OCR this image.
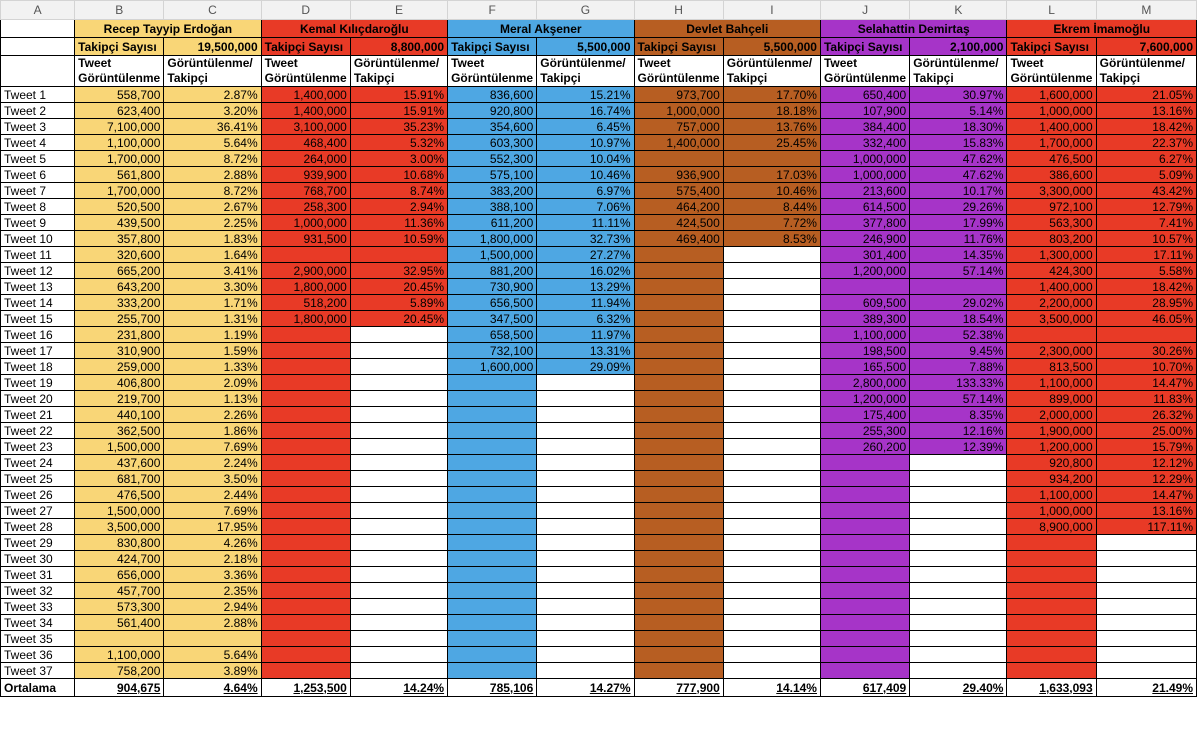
A	B	C	D	E	F	G	H	I	J	K	L	M
	Recep Tayyip Erdoğan		Kemal Kılıçdaroğlu		Meral Akşener		Devlet Bahçeli		Selahattin Demirtaş		Ekrem İmamoğlu	
	Takipçi Sayısı	19,500,000	Takipçi Sayısı	8,800,000	Takipçi Sayısı	5,500,000	Takipçi Sayısı	5,500,000	Takipçi Sayısı	2,100,000	Takipçi Sayısı	7,600,000
	Tweet Görüntülenme	Görüntülenme/ Takipçi	Tweet Görüntülenme	Görüntülenme/ Takipçi	Tweet Görüntülenme	Görüntülenme/ Takipçi	Tweet Görüntülenme	Görüntülenme/ Takipçi	Tweet Görüntülenme	Görüntülenme/ Takipçi	Tweet Görüntülenme	Görüntülenme/ Takipçi
Tweet 1	558,700	2.87%	1,400,000	15.91%	836,600	15.21%	973,700	17.70%	650,400	30.97%	1,600,000	21.05%
Tweet 2	623,400	3.20%	1,400,000	15.91%	920,800	16.74%	1,000,000	18.18%	107,900	5.14%	1,000,000	13.16%
Tweet 3	7,100,000	36.41%	3,100,000	35.23%	354,600	6.45%	757,000	13.76%	384,400	18.30%	1,400,000	18.42%
Tweet 4	1,100,000	5.64%	468,400	5.32%	603,300	10.97%	1,400,000	25.45%	332,400	15.83%	1,700,000	22.37%
Tweet 5	1,700,000	8.72%	264,000	3.00%	552,300	10.04%			1,000,000	47.62%	476,500	6.27%
Tweet 6	561,800	2.88%	939,900	10.68%	575,100	10.46%	936,900	17.03%	1,000,000	47.62%	386,600	5.09%
Tweet 7	1,700,000	8.72%	768,700	8.74%	383,200	6.97%	575,400	10.46%	213,600	10.17%	3,300,000	43.42%
Tweet 8	520,500	2.67%	258,300	2.94%	388,100	7.06%	464,200	8.44%	614,500	29.26%	972,100	12.79%
Tweet 9	439,500	2.25%	1,000,000	11.36%	611,200	11.11%	424,500	7.72%	377,800	17.99%	563,300	7.41%
Tweet 10	357,800	1.83%	931,500	10.59%	1,800,000	32.73%	469,400	8.53%	246,900	11.76%	803,200	10.57%
Tweet 11	320,600	1.64%			1,500,000	27.27%			301,400	14.35%	1,300,000	17.11%
Tweet 12	665,200	3.41%	2,900,000	32.95%	881,200	16.02%			1,200,000	57.14%	424,300	5.58%
Tweet 13	643,200	3.30%	1,800,000	20.45%	730,900	13.29%					1,400,000	18.42%
Tweet 14	333,200	1.71%	518,200	5.89%	656,500	11.94%			609,500	29.02%	2,200,000	28.95%
Tweet 15	255,700	1.31%	1,800,000	20.45%	347,500	6.32%			389,300	18.54%	3,500,000	46.05%
Tweet 16	231,800	1.19%			658,500	11.97%			1,100,000	52.38%		
Tweet 17	310,900	1.59%			732,100	13.31%			198,500	9.45%	2,300,000	30.26%
Tweet 18	259,000	1.33%			1,600,000	29.09%			165,500	7.88%	813,500	10.70%
Tweet 19	406,800	2.09%							2,800,000	133.33%	1,100,000	14.47%
Tweet 20	219,700	1.13%							1,200,000	57.14%	899,000	11.83%
Tweet 21	440,100	2.26%							175,400	8.35%	2,000,000	26.32%
Tweet 22	362,500	1.86%							255,300	12.16%	1,900,000	25.00%
Tweet 23	1,500,000	7.69%							260,200	12.39%	1,200,000	15.79%
Tweet 24	437,600	2.24%									920,800	12.12%
Tweet 25	681,700	3.50%									934,200	12.29%
Tweet 26	476,500	2.44%									1,100,000	14.47%
Tweet 27	1,500,000	7.69%									1,000,000	13.16%
Tweet 28	3,500,000	17.95%									8,900,000	117.11%
Tweet 29	830,800	4.26%										
Tweet 30	424,700	2.18%										
Tweet 31	656,000	3.36%										
Tweet 32	457,700	2.35%										
Tweet 33	573,300	2.94%										
Tweet 34	561,400	2.88%										
Tweet 35												
Tweet 36	1,100,000	5.64%										
Tweet 37	758,200	3.89%										
Ortalama	904,675	4.64%	1,253,500	14.24%	785,106	14.27%	777,900	14.14%	617,409	29.40%	1,633,093	21.49%
